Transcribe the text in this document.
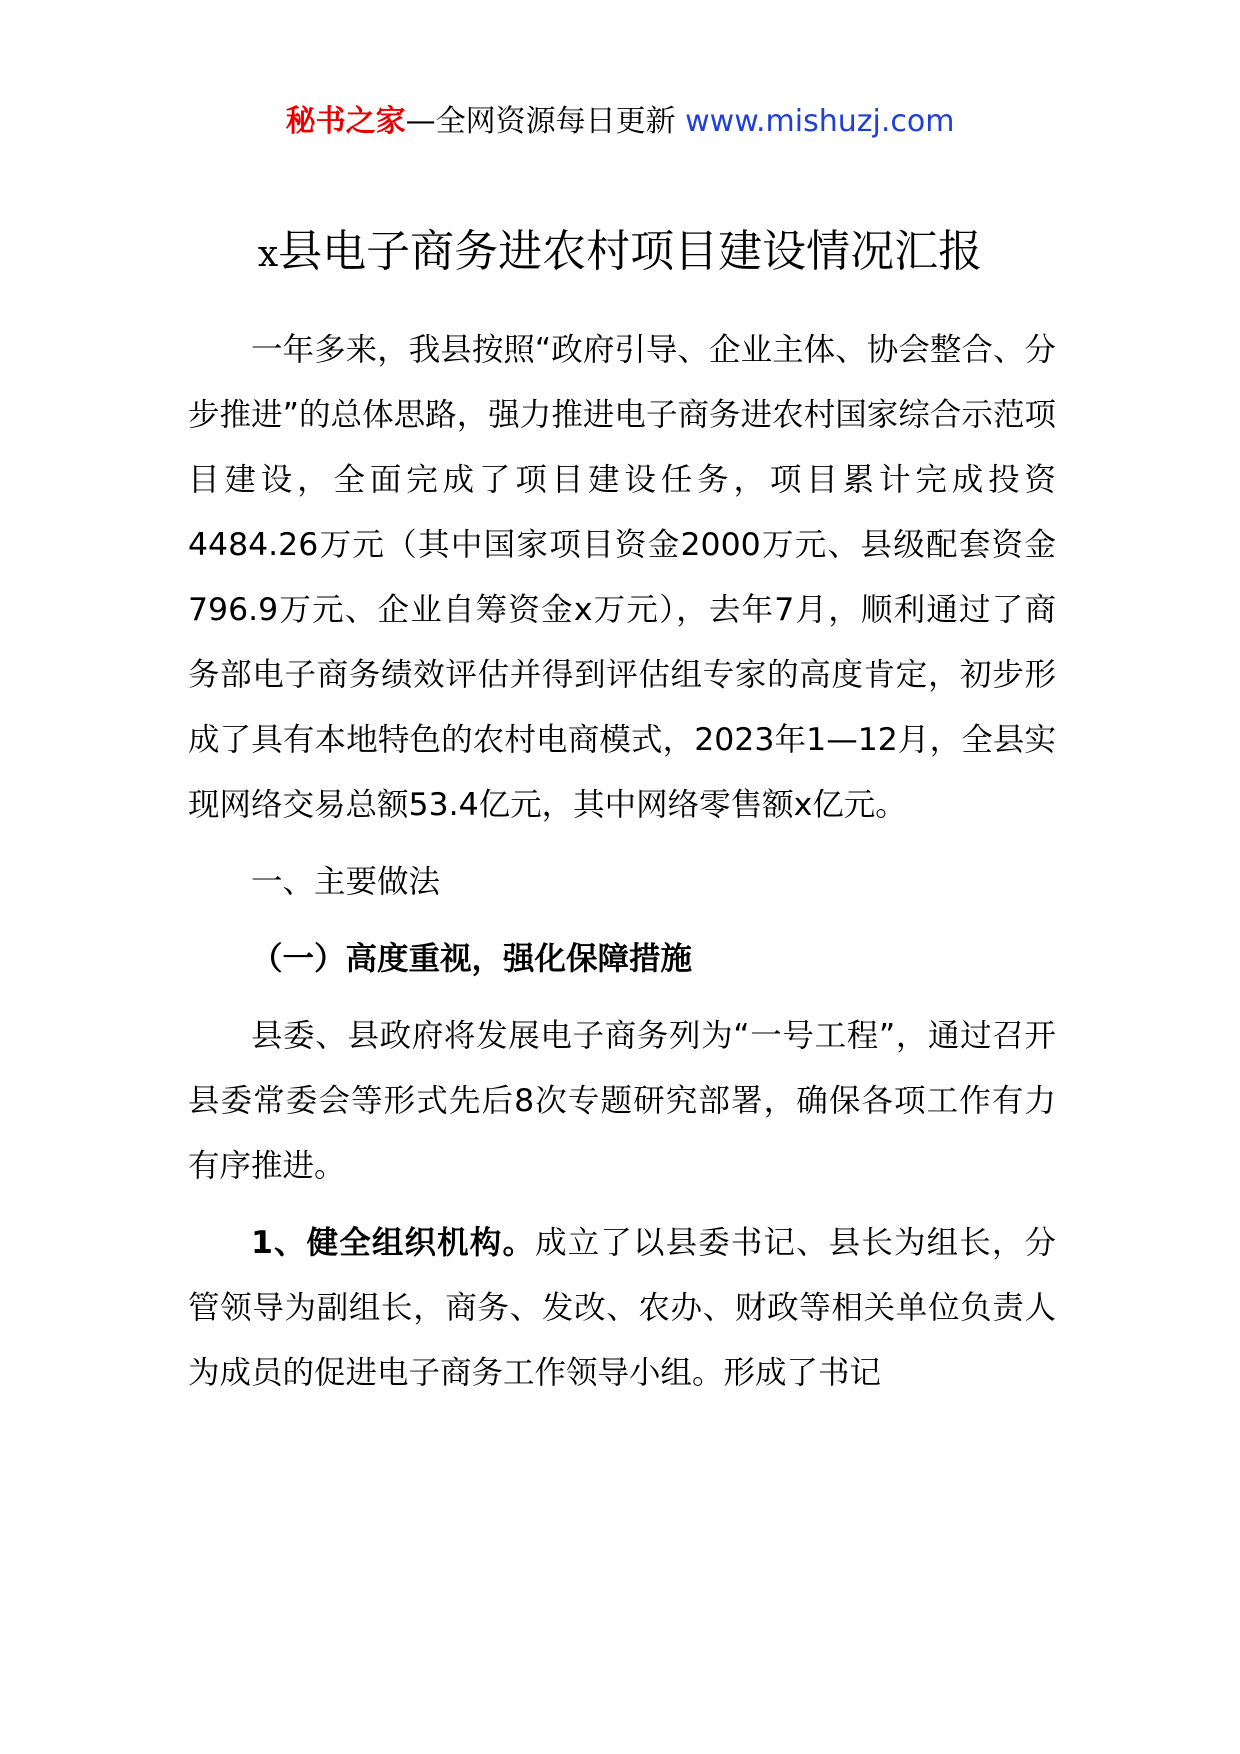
秘书之家—全网资源每日更新 www.mishuzj.com
x县电子商务进农村项目建设情况汇报

一年多来，我县按照“政府引导、企业主体、协会整合、分步推进”的总体思路，强力推进电子商务进农村国家综合示范项目建设，全面完成了项目建设任务，项目累计完成投资4484.26万元（其中国家项目资金2000万元、县级配套资金796.9万元、企业自筹资金x万元），去年7月，顺利通过了商务部电子商务绩效评估并得到评估组专家的高度肯定，初步形成了具有本地特色的农村电商模式，2023年1—12月，全县实现网络交易总额53.4亿元，其中网络零售额x亿元。

一、主要做法

（一）高度重视，强化保障措施

县委、县政府将发展电子商务列为“一号工程”，通过召开县委常委会等形式先后8次专题研究部署，确保各项工作有力有序推进。

1、健全组织机构。成立了以县委书记、县长为组长，分管领导为副组长，商务、发改、农办、财政等相关单位负责人为成员的促进电子商务工作领导小组。形成了书记
